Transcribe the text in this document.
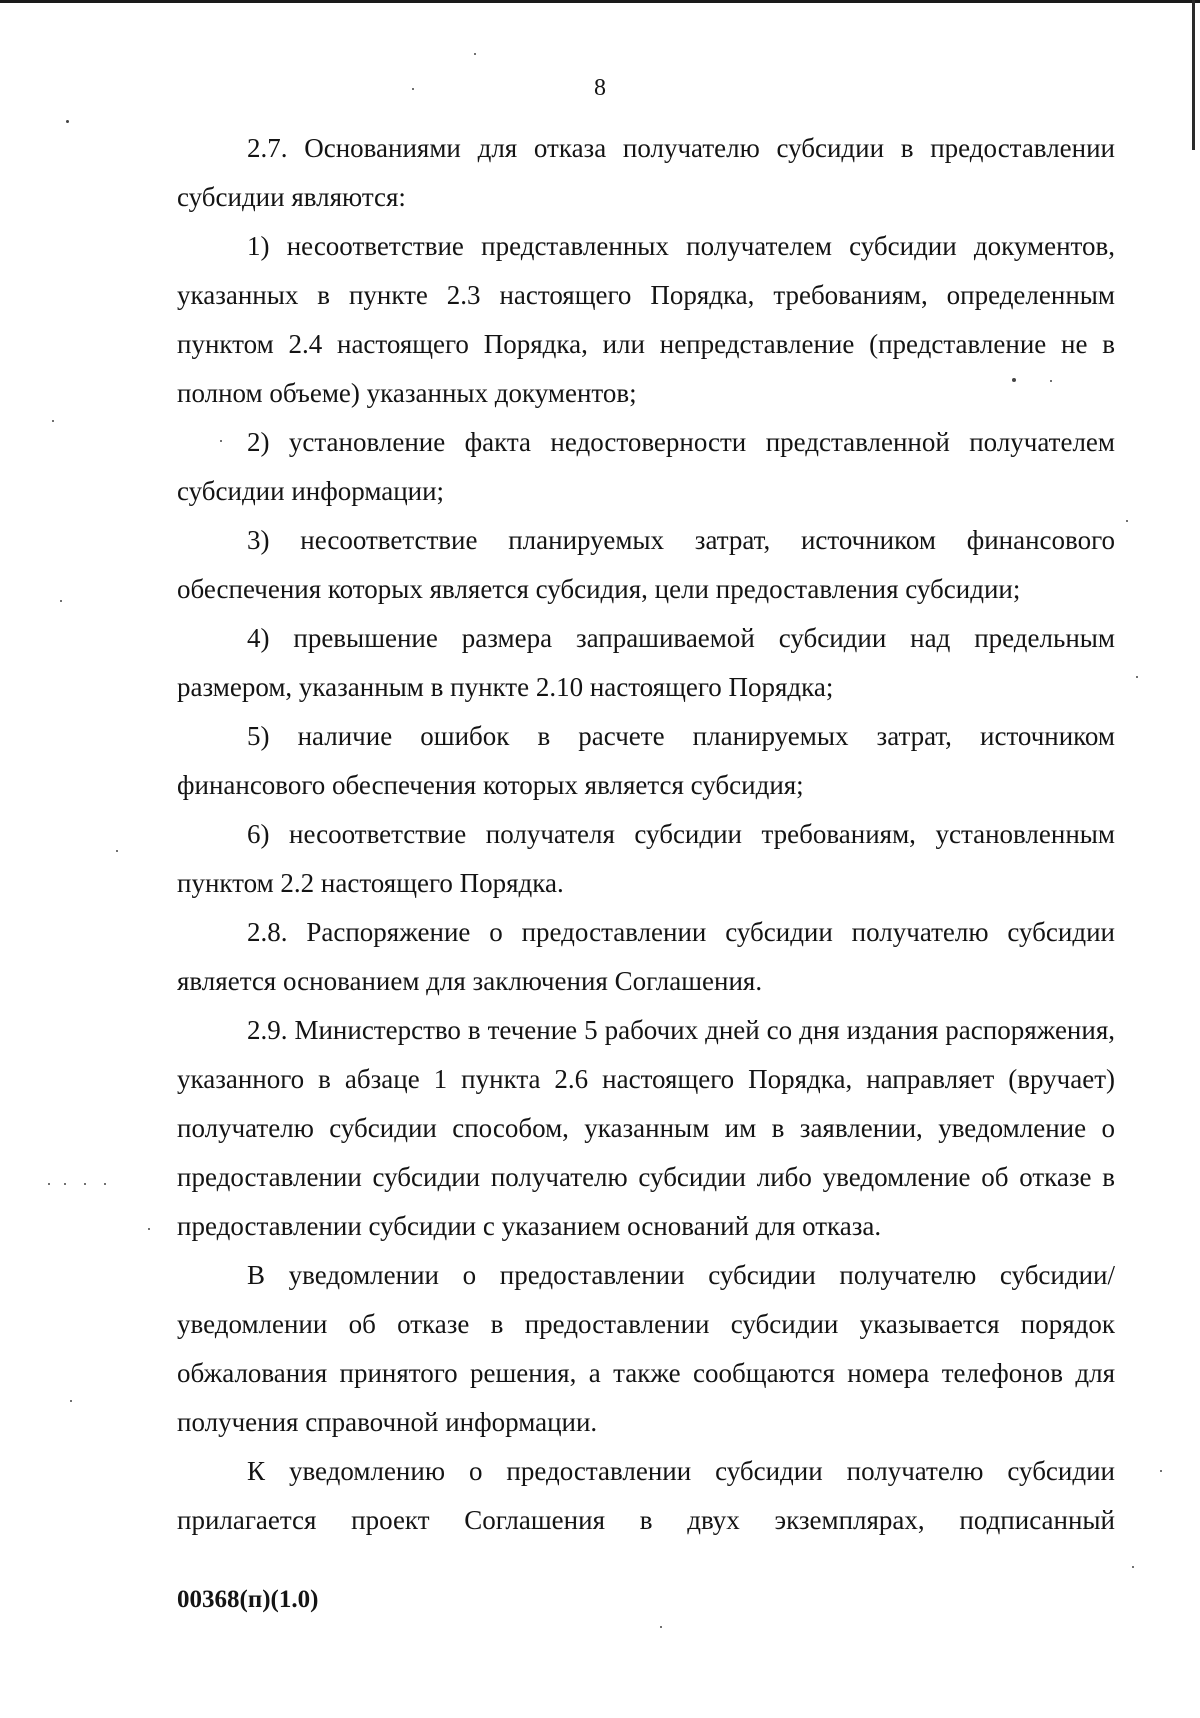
8

2.7. Основаниями для отказа получателю субсидии в предоставлении субсидии являются:

1) несоответствие представленных получателем субсидии документов, указанных в пункте 2.3 настоящего Порядка, требованиям, определенным пунктом 2.4 настоящего Порядка, или непредставление (представление не в полном объеме) указанных документов;

2) установление факта недостоверности представленной получателем субсидии информации;

3) несоответствие планируемых затрат, источником финансового обеспечения которых является субсидия, цели предоставления субсидии;

4) превышение размера запрашиваемой субсидии над предельным размером, указанным в пункте 2.10 настоящего Порядка;

5) наличие ошибок в расчете планируемых затрат, источником финансового обеспечения которых является субсидия;

6) несоответствие получателя субсидии требованиям, установленным пунктом 2.2 настоящего Порядка.

2.8. Распоряжение о предоставлении субсидии получателю субсидии является основанием для заключения Соглашения.

2.9. Министерство в течение 5 рабочих дней со дня издания распоряжения, указанного в абзаце 1 пункта 2.6 настоящего Порядка, направляет (вручает) получателю субсидии способом, указанным им в заявлении, уведомление о предоставлении субсидии получателю субсидии либо уведомление об отказе в предоставлении субсидии с указанием оснований для отказа.

В уведомлении о предоставлении субсидии получателю субсидии/уведомлении об отказе в предоставлении субсидии указывается порядок обжалования принятого решения, а также сообщаются номера телефонов для получения справочной информации.

К уведомлению о предоставлении субсидии получателю субсидии прилагается проект Соглашения в двух экземплярах, подписанный

00368(п)(1.0)
